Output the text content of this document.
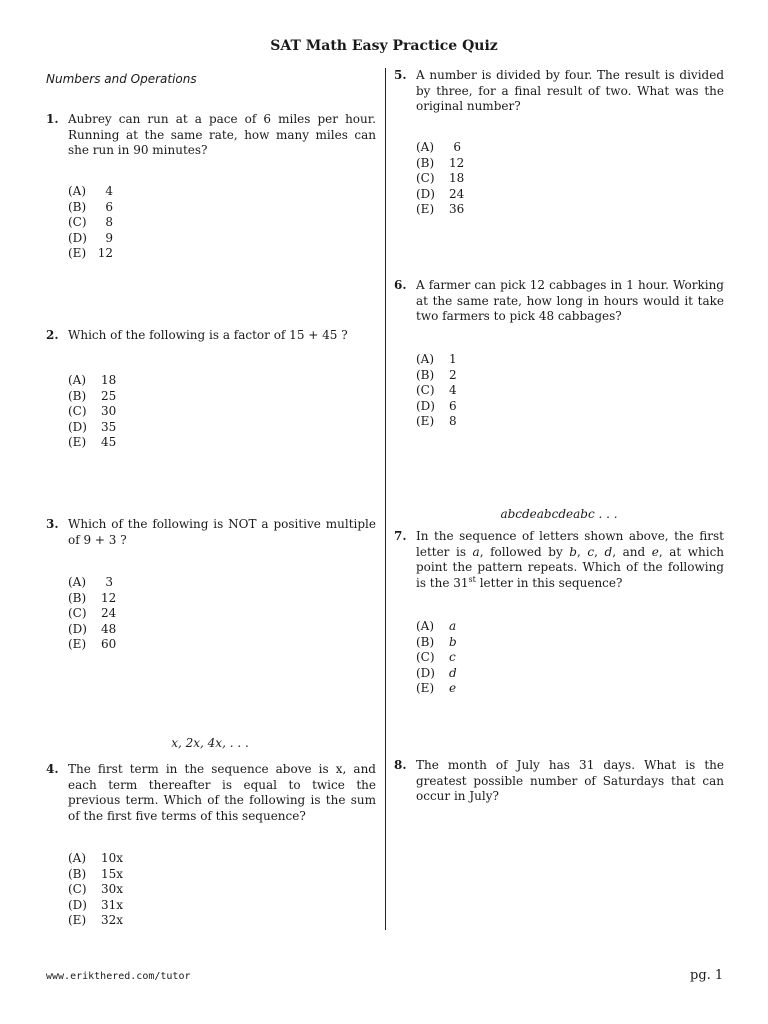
SAT Math Easy Practice Quiz
Numbers and Operations
1. Aubrey can run at a pace of 6 miles per hour. Running at the same rate, how many miles can she run in 90 minutes?
(A)	4
(B)	6
(C)	8
(D)	9
(E) 12
2. Which of the following is a factor of 15 + 45 ?
(A) 18
(B) 25
(C) 30
(D) 35
(E) 45
3. Which of the following is NOT a positive multiple of 9 + 3 ?
(A)	3
(B) 12
(C) 24
(D) 48
(E) 60
x, 2x, 4x, . . .
4. The first term in the sequence above is x, and each term thereafter is equal to twice the previous term. Which of the following is the sum of the first five terms of this sequence?
(A) 10x
(B) 15x
(C) 30x
(D) 31x
(E) 32x
5. A number is divided by four. The result is divided by three, for a final result of two. What was the original number?
(A)	6
(B) 12
(C) 18
(D) 24
(E) 36
6. A farmer can pick 12 cabbages in 1 hour. Working at the same rate, how long in hours would it take two farmers to pick 48 cabbages?
(A) 1
(B) 2
(C) 4
(D) 6
(E) 8
abcdeabcdeabc . . .
7. In the sequence of letters shown above, the first letter is a, followed by b, c, d, and e, at which point the pattern repeats. Which of the following is the 31st letter in this sequence?
(A) a
(B) b
(C) c
(D) d
(E) e
8. The month of July has 31 days. What is the greatest possible number of Saturdays that can occur in July?
www.erikthered.com/tutor	pg. 1
